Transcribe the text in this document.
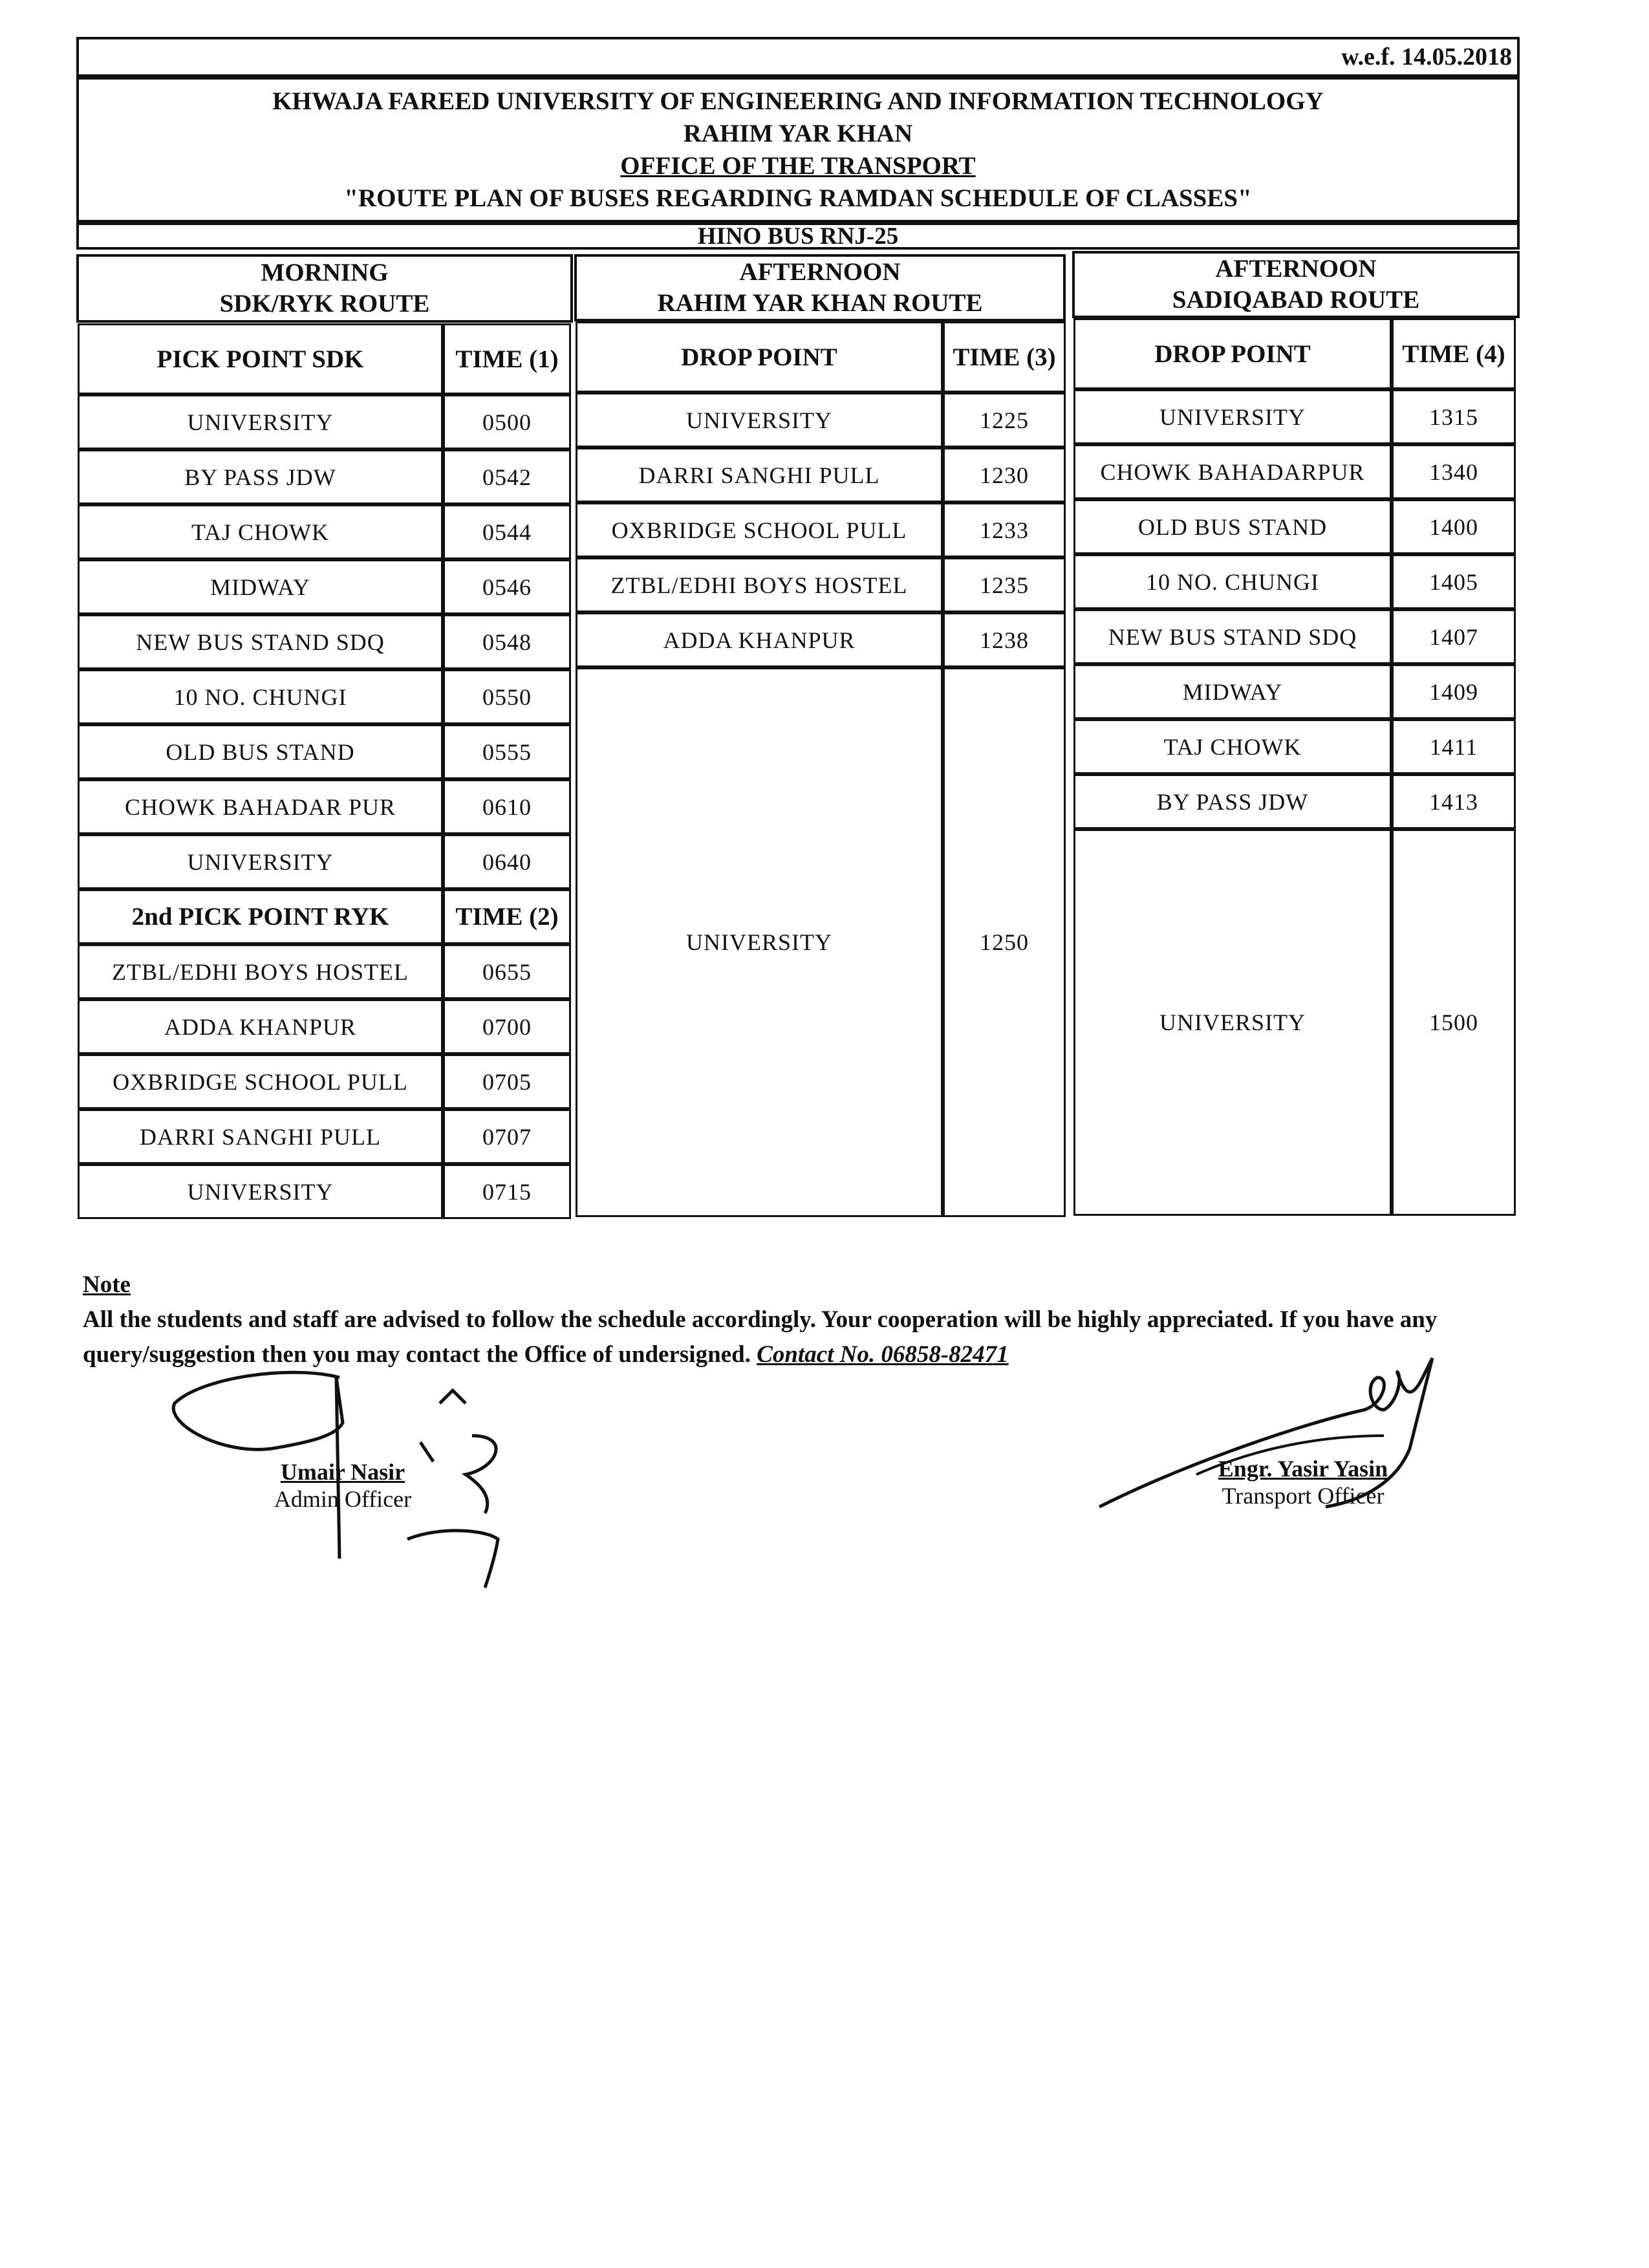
w.e.f. 14.05.2018
KHWAJA FAREED UNIVERSITY OF ENGINEERING AND INFORMATION TECHNOLOGY
RAHIM YAR KHAN
OFFICE OF THE TRANSPORT
"ROUTE PLAN OF BUSES REGARDING RAMDAN SCHEDULE OF CLASSES"
HINO BUS RNJ-25
MORNING
SDK/RYK ROUTE
AFTERNOON
RAHIM YAR KHAN ROUTE
AFTERNOON
SADIQABAD ROUTE
Note
All the students and staff are advised to follow the schedule accordingly. Your cooperation will be highly appreciated. If you have any query/suggestion then you may contact the Office of undersigned. Contact No. 06858-82471
Umair Nasir
Admin Officer
Engr. Yasir Yasin
Transport Officer
PICK POINT SDK	TIME (1)
UNIVERSITY	0500
BY PASS JDW	0542
TAJ CHOWK	0544
MIDWAY	0546
NEW BUS STAND SDQ	0548
10 NO. CHUNGI	0550
OLD BUS STAND	0555
CHOWK BAHADAR PUR	0610
UNIVERSITY	0640
2nd PICK POINT RYK	TIME (2)
ZTBL/EDHI BOYS HOSTEL	0655
ADDA KHANPUR	0700
OXBRIDGE SCHOOL PULL	0705
DARRI SANGHI PULL	0707
UNIVERSITY	0715
DROP POINT	TIME (3)
UNIVERSITY	1225
DARRI SANGHI PULL	1230
OXBRIDGE SCHOOL PULL	1233
ZTBL/EDHI BOYS HOSTEL	1235
ADDA KHANPUR	1238
UNIVERSITY	1250
DROP POINT	TIME (4)
UNIVERSITY	1315
CHOWK BAHADARPUR	1340
OLD BUS STAND	1400
10 NO. CHUNGI	1405
NEW BUS STAND SDQ	1407
MIDWAY	1409
TAJ CHOWK	1411
BY PASS JDW	1413
UNIVERSITY	1500
